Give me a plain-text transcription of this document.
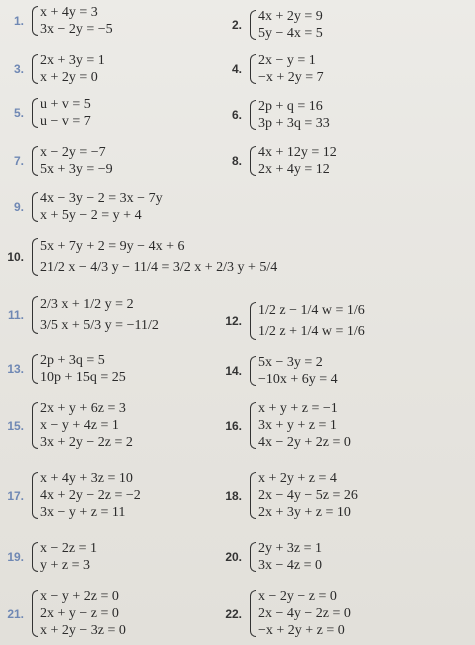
1.
x + 4y = 3
3x − 2y = −5	2.
4x + 2y = 9
5y − 4x = 5
3.
2x + 3y = 1
x + 2y = 0
4.
2x − y = 1
−x + 2y = 7
5.
u + v = 5
u − v = 7	6.
2p + q = 16
3p + 3q = 33
7.
x − 2y = −7
5x + 3y = −9
8.
4x + 12y = 12
2x + 4y = 12
9.
4x − 3y − 2 = 3x − 7y
x + 5y − 2 = y + 4
10.
5x + 7y + 2 = 9y − 4x + 6
21/2 x − 4/3 y − 11/4 = 3/2 x + 2/3 y + 5/4
11.
2/3 x + 1/2 y = 2
3/5 x + 5/3 y = −11/2	12.
1/2 z − 1/4 w = 1/6
1/2 z + 1/4 w = 1/6
13.
2p + 3q = 5
10p + 15q = 25	14.
5x − 3y = 2
−10x + 6y = 4
15.
2x + y + 6z = 3
x − y + 4z = 1
3x + 2y − 2z = 2
16.
x + y + z = −1
3x + y + z = 1
4x − 2y + 2z = 0
17.
x + 4y + 3z = 10
4x + 2y − 2z = −2
3x − y + z = 11
18.
x + 2y + z = 4
2x − 4y − 5z = 26
2x + 3y + z = 10
19.
x − 2z = 1
y + z = 3
20.
2y + 3z = 1
3x − 4z = 0
21.
x − y + 2z = 0
2x + y − z = 0
x + 2y − 3z = 0
22.
x − 2y − z = 0
2x − 4y − 2z = 0
−x + 2y + z = 0
